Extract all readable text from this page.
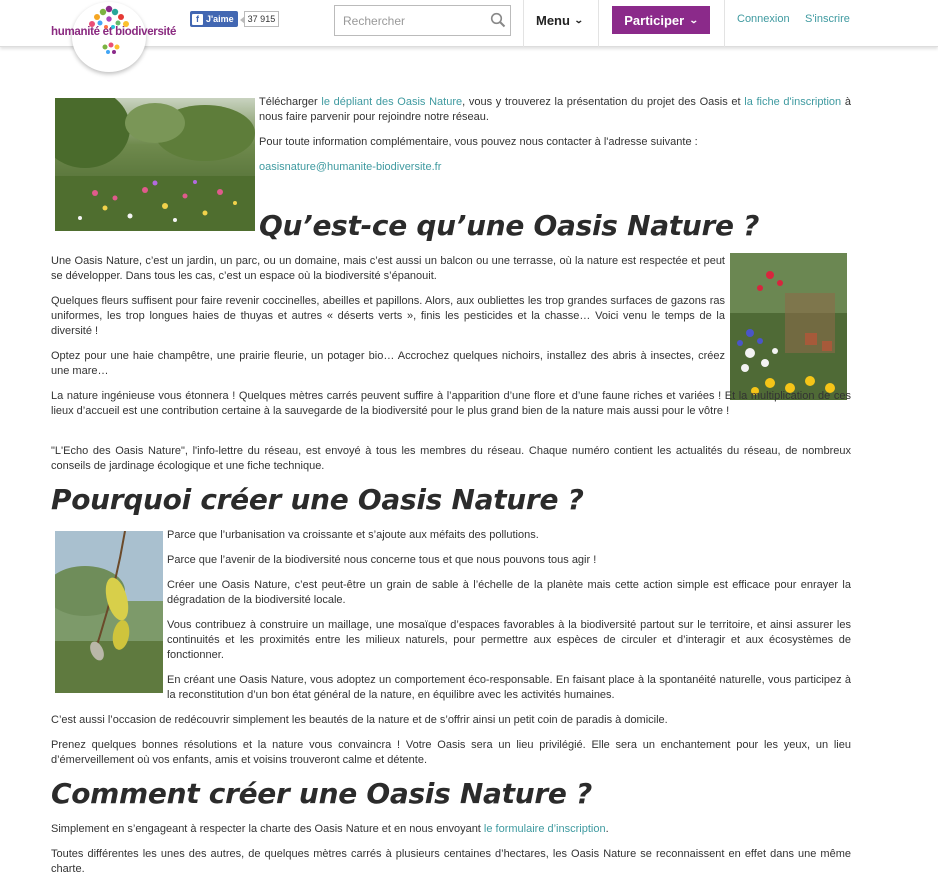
f J'aime	37 915
Rechercher	Menu ⌄	Participer ⌄	Connexion S'inscrire
humanité et biodiversité
Télécharger le dépliant des Oasis Nature, vous y trouverez la présentation du projet des Oasis et la fiche d'inscription à nous faire parvenir pour rejoindre notre réseau.
Pour toute information complémentaire, vous pouvez nous contacter à l'adresse suivante :
oasisnature@humanite-biodiversite.fr
Qu’est-ce qu’une Oasis Nature ?
Une Oasis Nature, c’est un jardin, un parc, ou un domaine, mais c’est aussi un balcon ou une terrasse, où la nature est respectée et peut se développer. Dans tous les cas, c’est un espace où la biodiversité s’épanouit.
Quelques fleurs suffisent pour faire revenir coccinelles, abeilles et papillons. Alors, aux oubliettes les trop grandes surfaces de gazons ras uniformes, les trop longues haies de thuyas et autres « déserts verts », finis les pesticides et la chasse… Voici venu le temps de la diversité !
Optez pour une haie champêtre, une prairie fleurie, un potager bio… Accrochez quelques nichoirs, installez des abris à insectes, créez une mare…
La nature ingénieuse vous étonnera ! Quelques mètres carrés peuvent suffire à l’apparition d’une flore et d’une faune riches et variées ! Et la multiplication de ces lieux d’accueil est une contribution certaine à la sauvegarde de la biodiversité pour le plus grand bien de la nature mais aussi pour le vôtre !
"L'Echo des Oasis Nature", l'info-lettre du réseau, est envoyé à tous les membres du réseau. Chaque numéro contient les actualités du réseau, de nombreux conseils de jardinage écologique et une fiche technique.
Pourquoi créer une Oasis Nature ?
Parce que l’urbanisation va croissante et s’ajoute aux méfaits des pollutions.
Parce que l’avenir de la biodiversité nous concerne tous et que nous pouvons tous agir !
Créer une Oasis Nature, c’est peut-être un grain de sable à l’échelle de la planète mais cette action simple est efficace pour enrayer la dégradation de la biodiversité locale.
Vous contribuez à construire un maillage, une mosaïque d’espaces favorables à la biodiversité partout sur le territoire, et ainsi assurer les continuités et les proximités entre les milieux naturels, pour permettre aux espèces de circuler et d’interagir et aux écosystèmes de fonctionner.
En créant une Oasis Nature, vous adoptez un comportement éco-responsable. En faisant place à la spontanéité naturelle, vous participez à la reconstitution d’un bon état général de la nature, en équilibre avec les activités humaines.
C’est aussi l’occasion de redécouvrir simplement les beautés de la nature et de s’offrir ainsi un petit coin de paradis à domicile.
Prenez quelques bonnes résolutions et la nature vous convaincra ! Votre Oasis sera un lieu privilégié. Elle sera un enchantement pour les yeux, un lieu d’émerveillement où vos enfants, amis et voisins trouveront calme et détente.
Comment créer une Oasis Nature ?
Simplement en s’engageant à respecter la charte des Oasis Nature et en nous envoyant le formulaire d’inscription.
Toutes différentes les unes des autres, de quelques mètres carrés à plusieurs centaines d’hectares, les Oasis Nature se reconnaissent en effet dans une même charte.
